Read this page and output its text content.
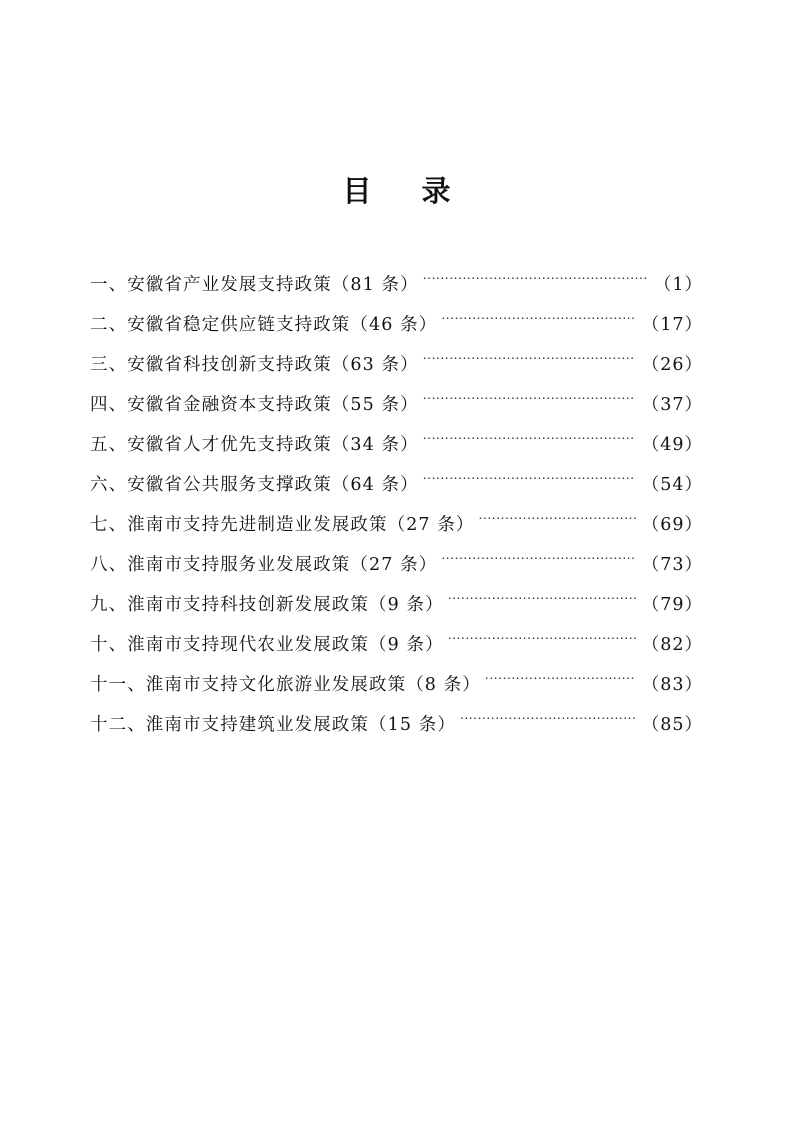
目 录
一、安徽省产业发展支持政策（81 条） .....	（1）
二、安徽省稳定供应链支持政策（46 条） .....	（17）
三、安徽省科技创新支持政策（63 条） .....	（26）
四、安徽省金融资本支持政策（55 条） .....	（37）
五、安徽省人才优先支持政策（34 条） .....	（49）
六、安徽省公共服务支撑政策（64 条） .....	（54）
七、淮南市支持先进制造业发展政策（27 条） .....	（69）
八、淮南市支持服务业发展政策（27 条） .....	（73）
九、淮南市支持科技创新发展政策（9 条） .....	（79）
十、淮南市支持现代农业发展政策（9 条） .....	（82）
十一、淮南市支持文化旅游业发展政策（8 条） .....	（83）
十二、淮南市支持建筑业发展政策（15 条） .....	（85）
